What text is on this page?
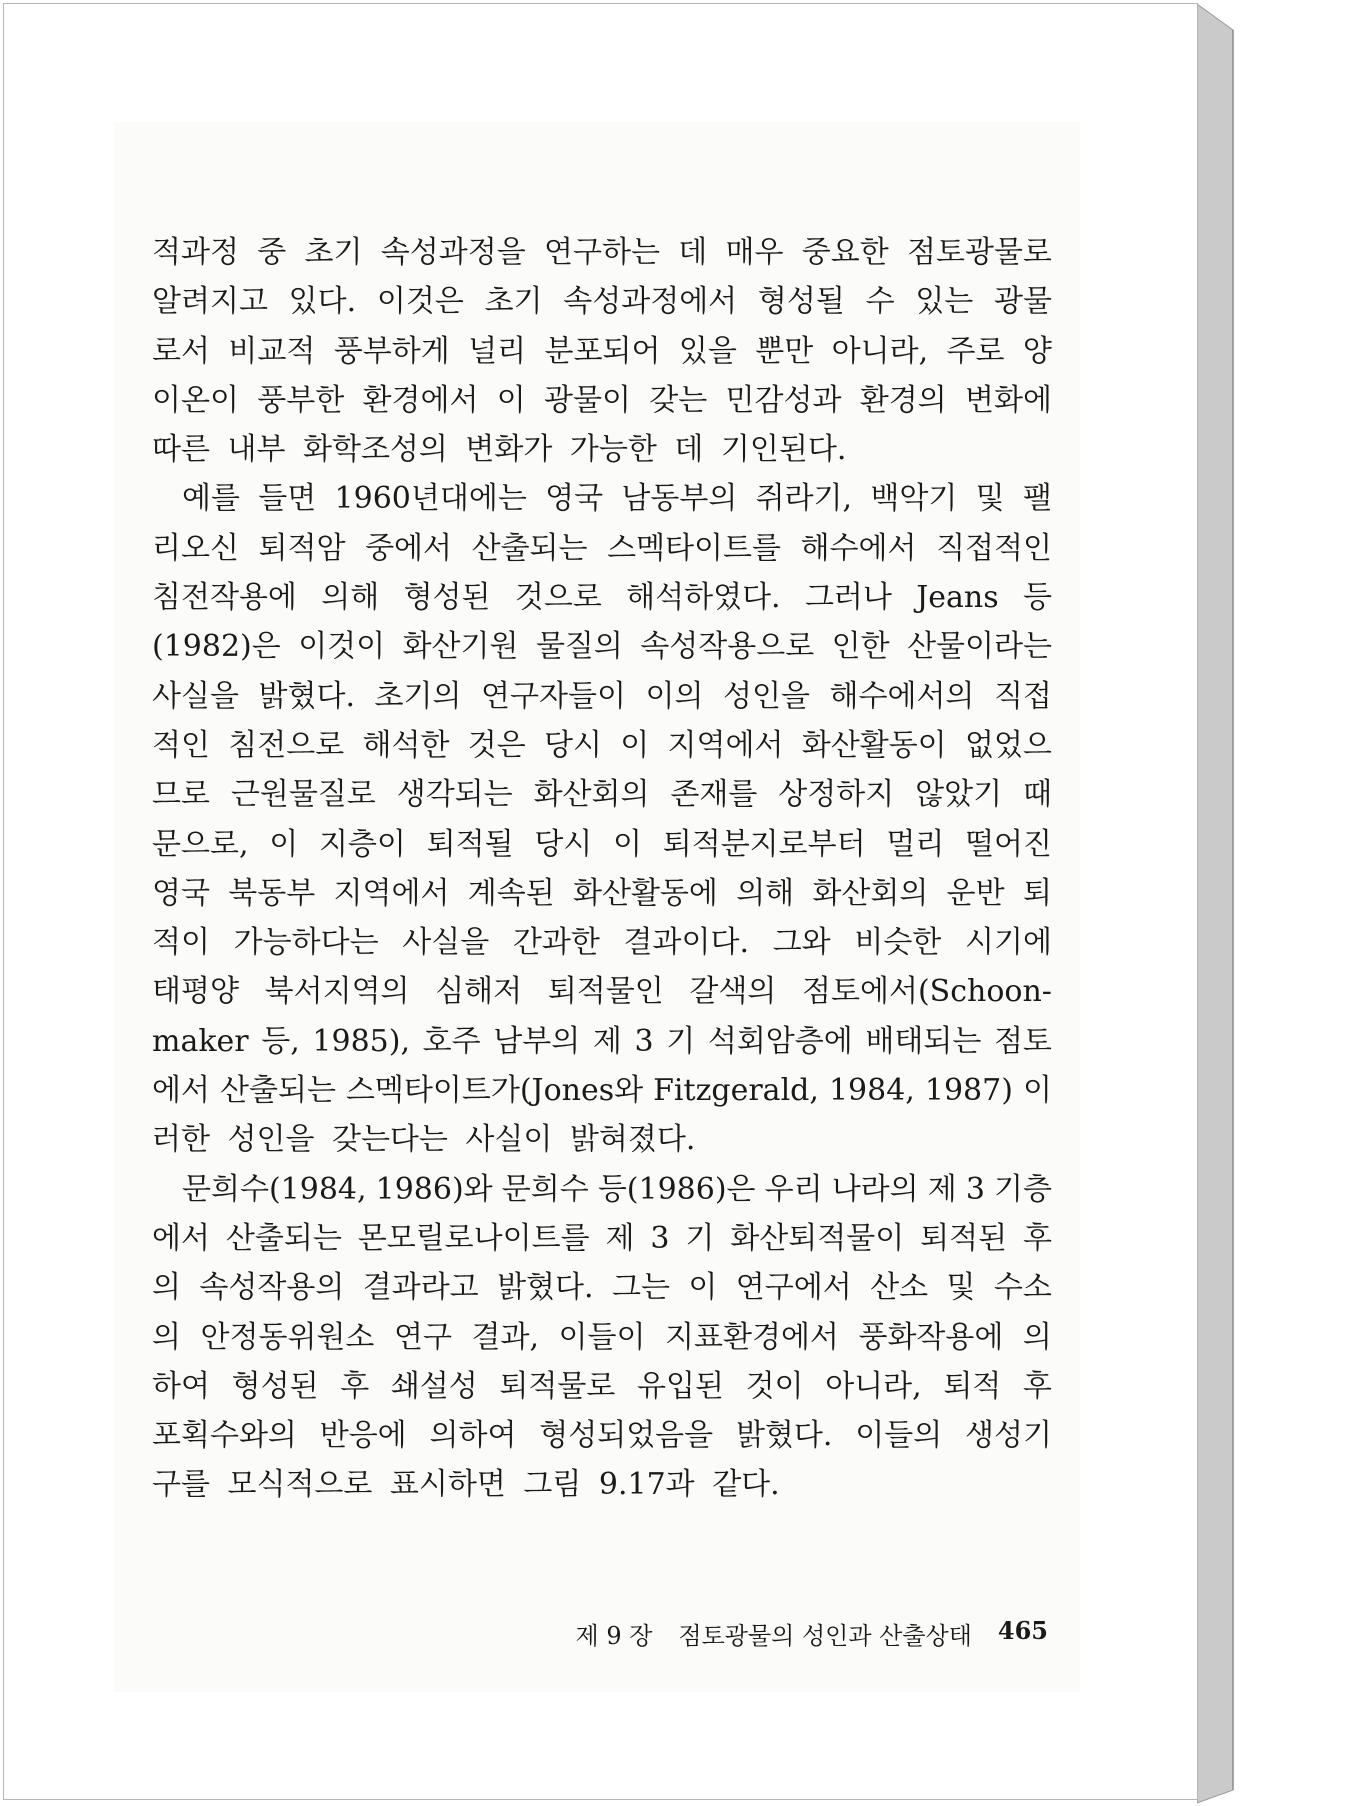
적과정 중 초기 속성과정을 연구하는 데 매우 중요한 점토광물로
알려지고 있다. 이것은 초기 속성과정에서 형성될 수 있는 광물
로서 비교적 풍부하게 널리 분포되어 있을 뿐만 아니라, 주로 양
이온이 풍부한 환경에서 이 광물이 갖는 민감성과 환경의 변화에
따른 내부 화학조성의 변화가 가능한 데 기인된다.
예를 들면 1960년대에는 영국 남동부의 쥐라기, 백악기 및 팰
리오신 퇴적암 중에서 산출되는 스멕타이트를 해수에서 직접적인
침전작용에 의해 형성된 것으로 해석하였다. 그러나 Jeans 등
(1982)은 이것이 화산기원 물질의 속성작용으로 인한 산물이라는
사실을 밝혔다. 초기의 연구자들이 이의 성인을 해수에서의 직접
적인 침전으로 해석한 것은 당시 이 지역에서 화산활동이 없었으
므로 근원물질로 생각되는 화산회의 존재를 상정하지 않았기 때
문으로, 이 지층이 퇴적될 당시 이 퇴적분지로부터 멀리 떨어진
영국 북동부 지역에서 계속된 화산활동에 의해 화산회의 운반 퇴
적이 가능하다는 사실을 간과한 결과이다. 그와 비슷한 시기에
태평양 북서지역의 심해저 퇴적물인 갈색의 점토에서(Schoon-
maker 등, 1985), 호주 남부의 제 3 기 석회암층에 배태되는 점토
에서 산출되는 스멕타이트가(Jones와 Fitzgerald, 1984, 1987) 이
러한 성인을 갖는다는 사실이 밝혀졌다.
문희수(1984, 1986)와 문희수 등(1986)은 우리 나라의 제 3 기층
에서 산출되는 몬모릴로나이트를 제 3 기 화산퇴적물이 퇴적된 후
의 속성작용의 결과라고 밝혔다. 그는 이 연구에서 산소 및 수소
의 안정동위원소 연구 결과, 이들이 지표환경에서 풍화작용에 의
하여 형성된 후 쇄설성 퇴적물로 유입된 것이 아니라, 퇴적 후
포획수와의 반응에 의하여 형성되었음을 밝혔다. 이들의 생성기
구를 모식적으로 표시하면 그림 9.17과 같다.
제 9 장 점토광물의 성인과 산출상태 465
